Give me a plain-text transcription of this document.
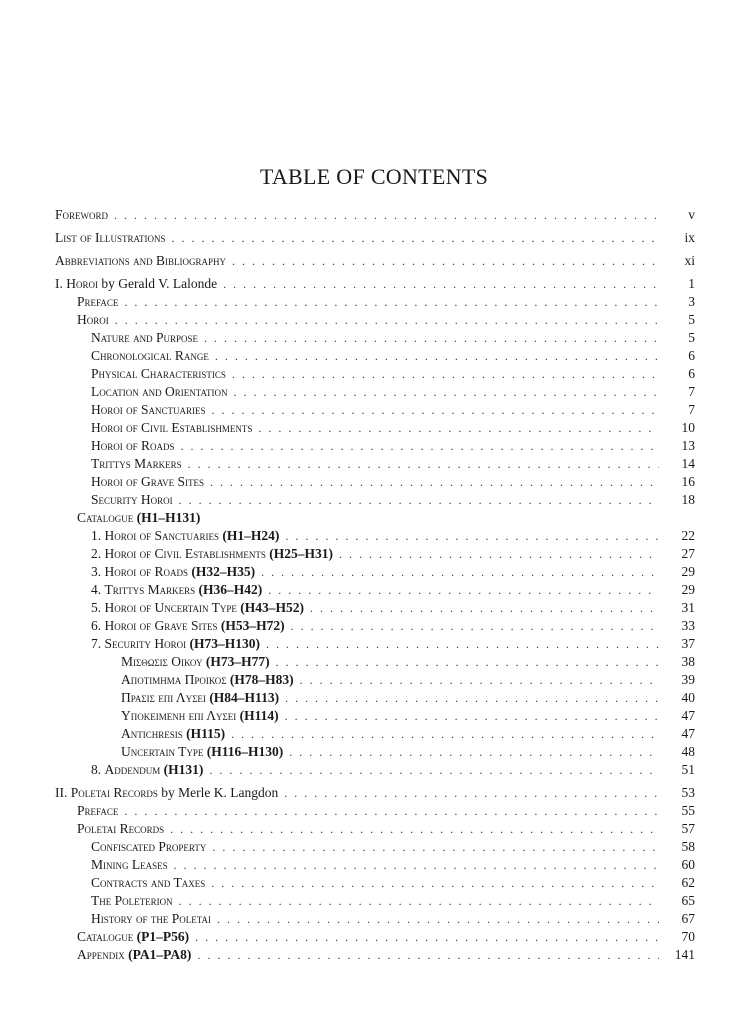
TABLE OF CONTENTS
Foreword . . .	v
List of Illustrations . . .	ix
Abbreviations and Bibliography . . .	xi
I. Horoi by Gerald V. Lalonde . . .	1
Preface . . .	3
Horoi . . .	5
Nature and Purpose . . .	5
Chronological Range . . .	6
Physical Characteristics . . .	6
Location and Orientation . . .	7
Horoi of Sanctuaries . . .	7
Horoi of Civil Establishments . . .	10
Horoi of Roads . . .	13
Trittys Markers . . .	14
Horoi of Grave Sites . . .	16
Security Horoi . . .	18
Catalogue (H1–H131)
1. Horoi of Sanctuaries (H1–H24) . . .	22
2. Horoi of Civil Establishments (H25–H31) . . .	27
3. Horoi of Roads (H32–H35) . . .	29
4. Trittys Markers (H36–H42) . . .	29
5. Horoi of Uncertain Type (H43–H52) . . .	31
6. Horoi of Grave Sites (H53–H72) . . .	33
7. Security Horoi (H73–H130) . . .	37
Μισθωσισ Οικου (H73–H77) . . .	38
Αποτιμημα Προικοσ (H78–H83) . . .	39
Πρασισ επι Λυσει (H84–H113) . . .	40
Υποκειμενη επι Λυσει (H114) . . .	47
Antichresis (H115) . . .	47
Uncertain Type (H116–H130) . . .	48
8. Addendum (H131) . . .	51
II. Poletai Records by Merle K. Langdon . . .	53
Preface . . .	55
Poletai Records . . .	57
Confiscated Property . . .	58
Mining Leases . . .	60
Contracts and Taxes . . .	62
The Poleterion . . .	65
History of the Poletai . . .	67
Catalogue (P1–P56) . . .	70
Appendix (PA1–PA8) . . .	141
